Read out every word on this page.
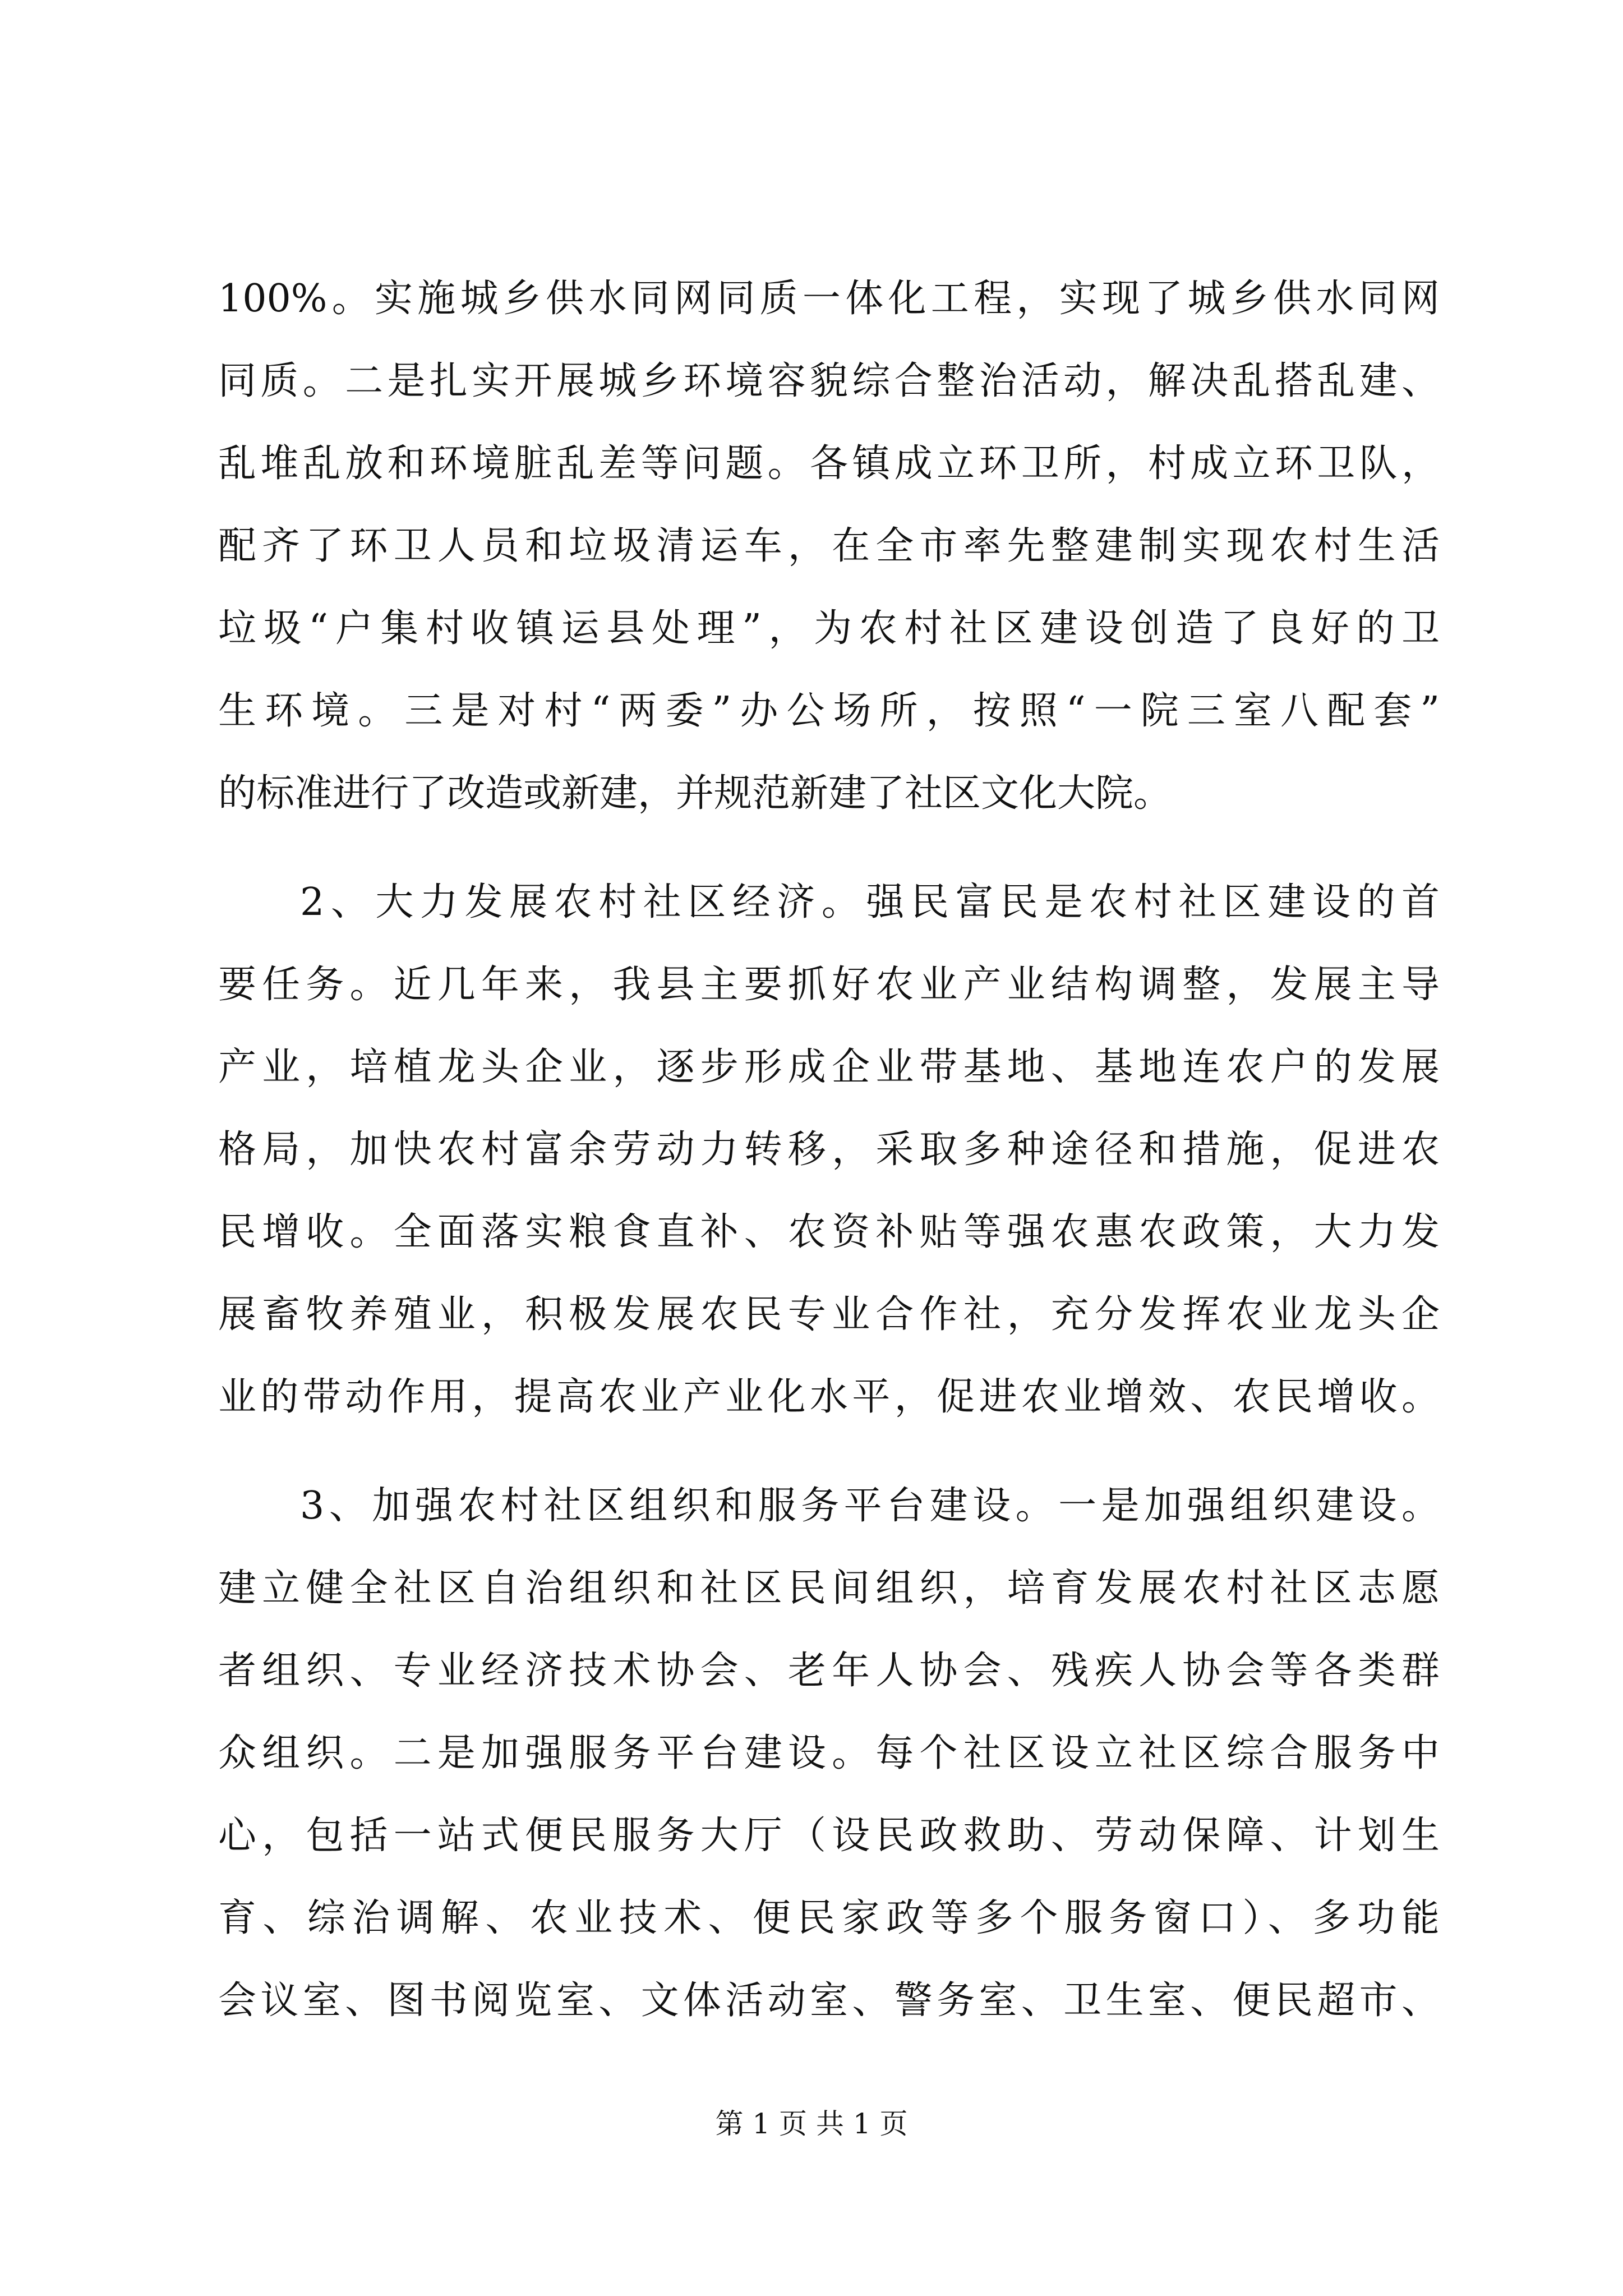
100%。实施城乡供水同网同质一体化工程，实现了城乡供水同网
同质。二是扎实开展城乡环境容貌综合整治活动，解决乱搭乱建、
乱堆乱放和环境脏乱差等问题。各镇成立环卫所，村成立环卫队，
配齐了环卫人员和垃圾清运车，在全市率先整建制实现农村生活
垃圾“户集村收镇运县处理”，为农村社区建设创造了良好的卫
生环境。三是对村“两委”办公场所，按照“一院三室八配套”
的标准进行了改造或新建，并规范新建了社区文化大院。
2、大力发展农村社区经济。强民富民是农村社区建设的首
要任务。近几年来，我县主要抓好农业产业结构调整，发展主导
产业，培植龙头企业，逐步形成企业带基地、基地连农户的发展
格局，加快农村富余劳动力转移，采取多种途径和措施，促进农
民增收。全面落实粮食直补、农资补贴等强农惠农政策，大力发
展畜牧养殖业，积极发展农民专业合作社，充分发挥农业龙头企
业的带动作用，提高农业产业化水平，促进农业增效、农民增收。
3、加强农村社区组织和服务平台建设。一是加强组织建设。
建立健全社区自治组织和社区民间组织，培育发展农村社区志愿
者组织、专业经济技术协会、老年人协会、残疾人协会等各类群
众组织。二是加强服务平台建设。每个社区设立社区综合服务中
心，包括一站式便民服务大厅（设民政救助、劳动保障、计划生
育、综治调解、农业技术、便民家政等多个服务窗口）、多功能
会议室、图书阅览室、文体活动室、警务室、卫生室、便民超市、
第 1 页 共 1 页
